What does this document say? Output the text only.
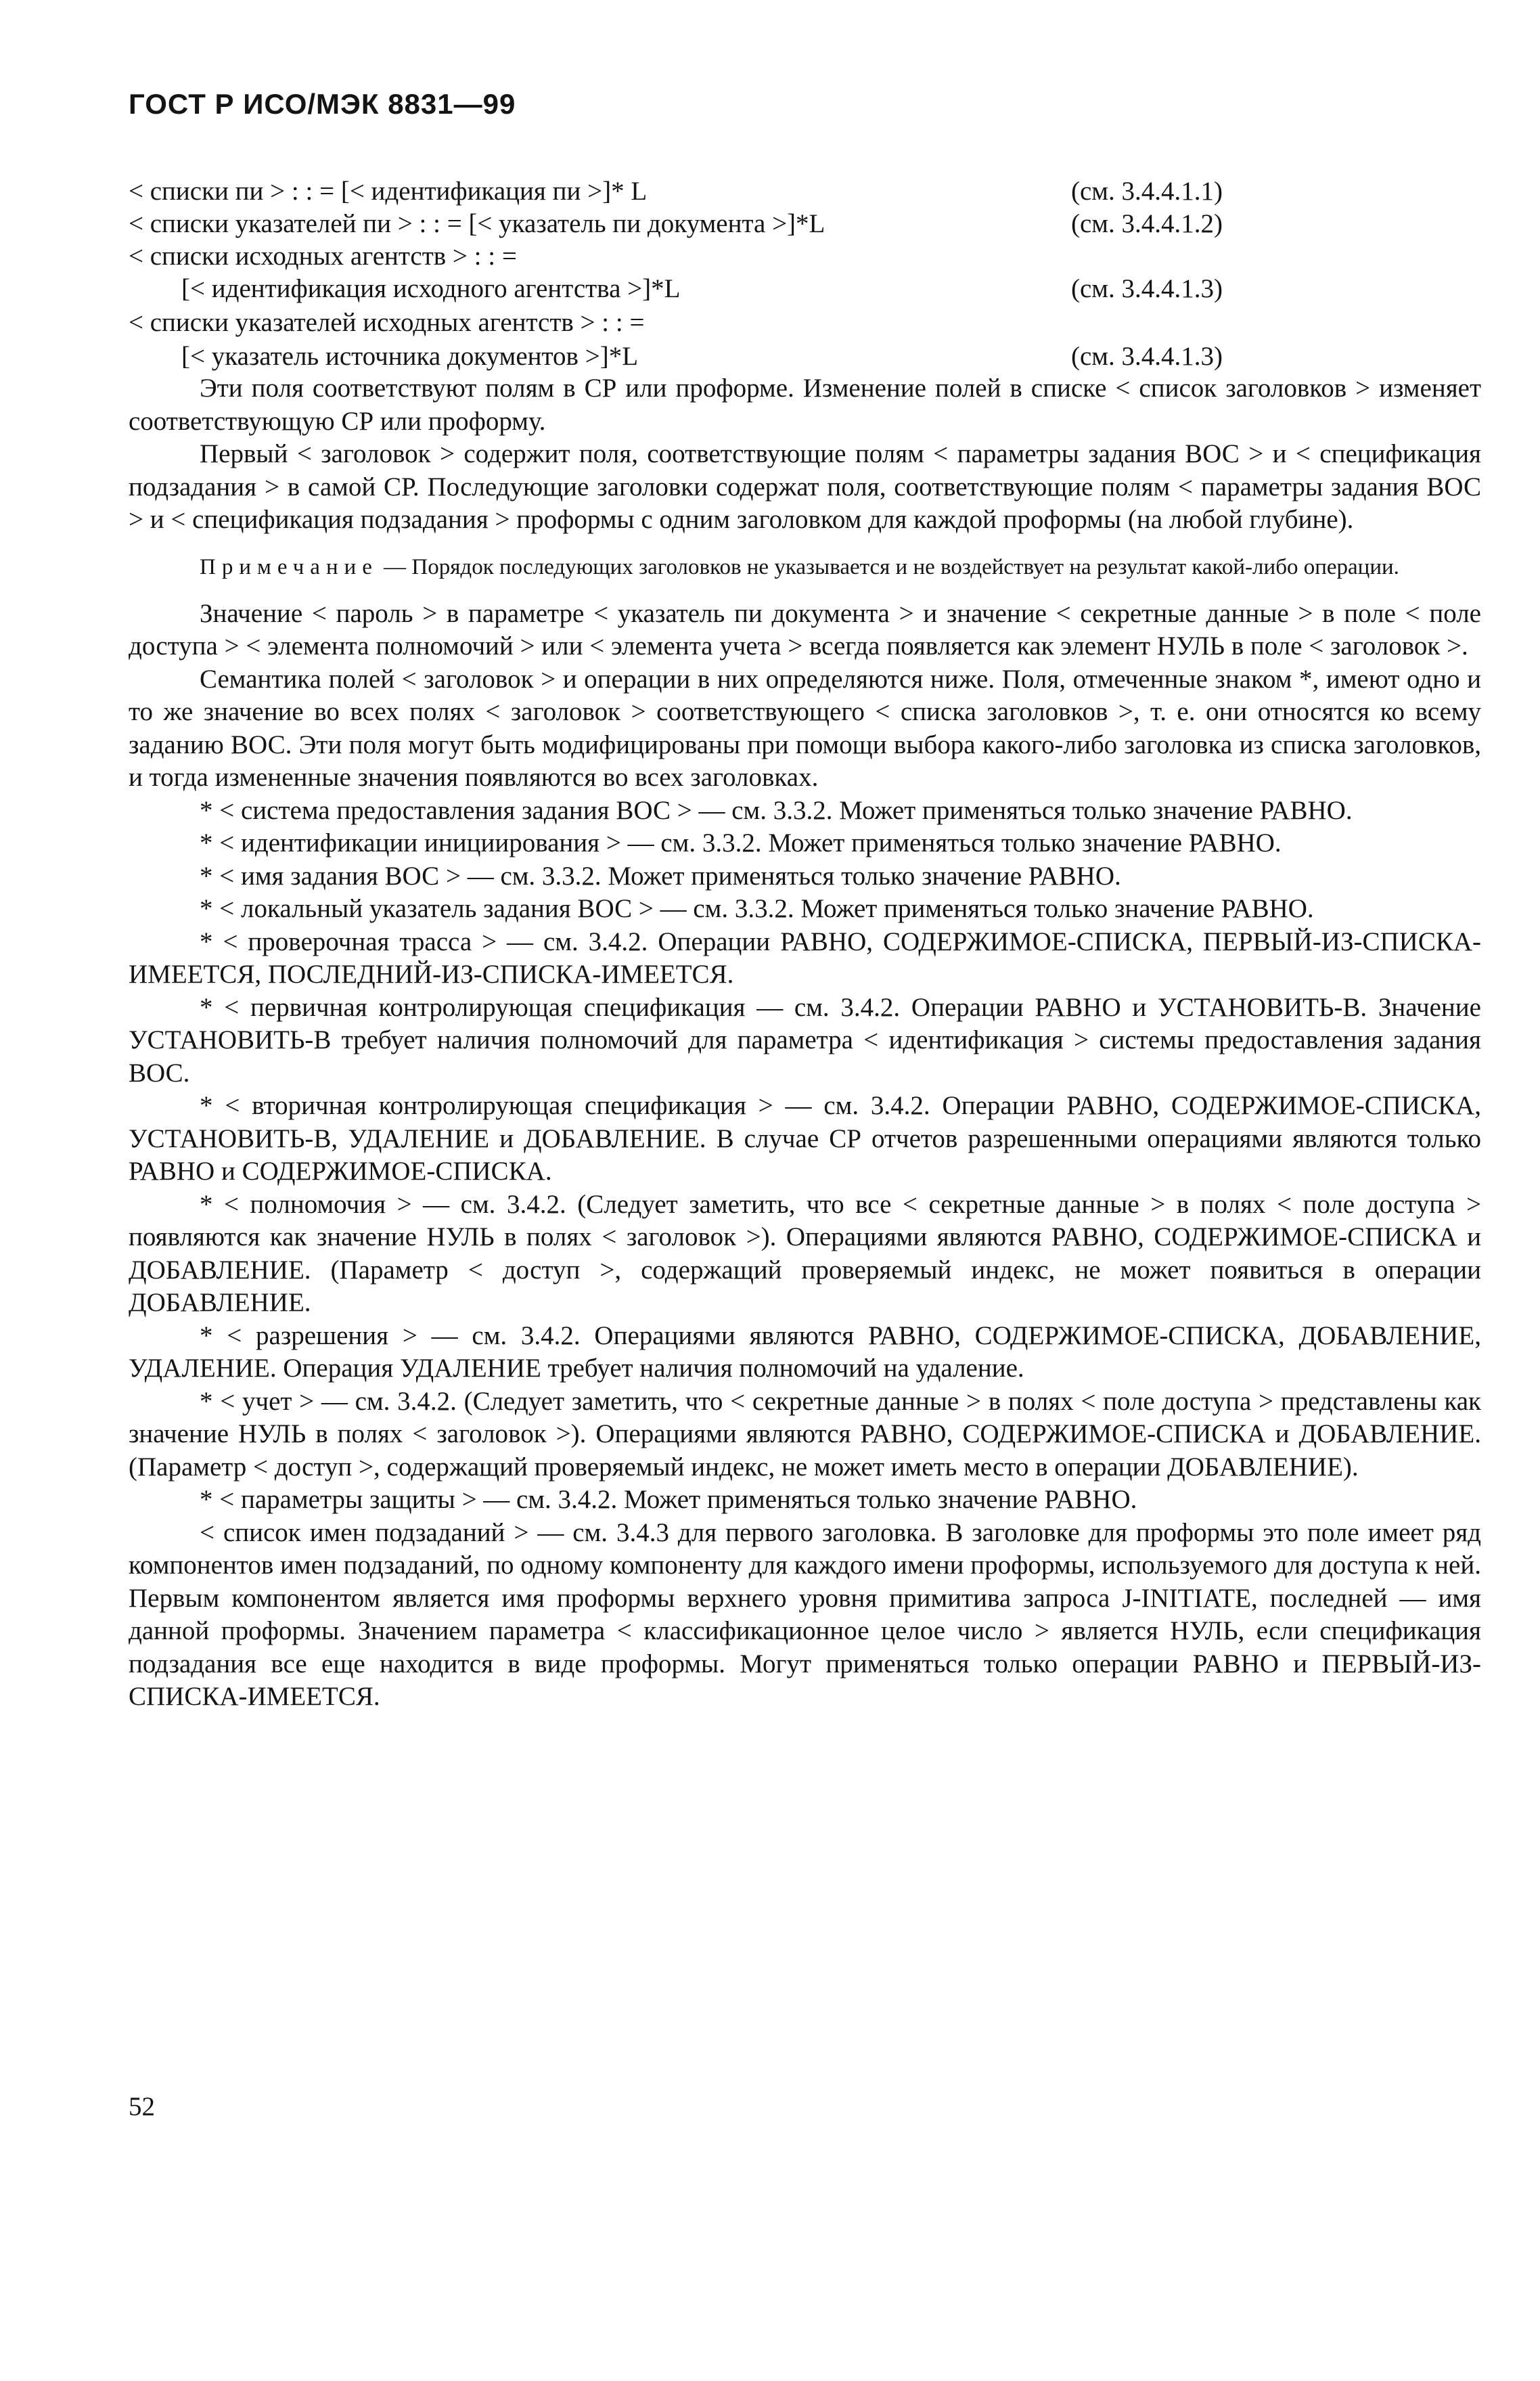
ГОСТ Р ИСО/МЭК 8831—99
< списки пи > : : = [< идентификация пи >]* L	(см. 3.4.4.1.1)
< списки указателей пи > : : = [< указатель пи документа >]*L	(см. 3.4.4.1.2)
< списки исходных агентств > : : =
[< идентификация исходного агентства >]*L	(см. 3.4.4.1.3)
< списки указателей исходных агентств > : : =
[< указатель источника документов >]*L	(см. 3.4.4.1.3)

Эти поля соответствуют полям в СР или проформе. Изменение полей в списке < список заголовков > изменяет соответствующую СР или проформу.

Первый < заголовок > содержит поля, соответствующие полям < параметры задания ВОС > и < спецификация подзадания > в самой СР. Последующие заголовки содержат поля, соответствующие полям < параметры задания ВОС > и < спецификация подзадания > проформы с одним заголовком для каждой проформы (на любой глубине).

Примечание — Порядок последующих заголовков не указывается и не воздействует на результат какой-либо операции.

Значение < пароль > в параметре < указатель пи документа > и значение < секретные данные > в поле < поле доступа > < элемента полномочий > или < элемента учета > всегда появляется как элемент НУЛЬ в поле < заголовок >.

Семантика полей < заголовок > и операции в них определяются ниже. Поля, отмеченные знаком *, имеют одно и то же значение во всех полях < заголовок > соответствующего < списка заголовков >, т. е. они относятся ко всему заданию ВОС. Эти поля могут быть модифицированы при помощи выбора какого-либо заголовка из списка заголовков, и тогда измененные значения появляются во всех заголовках.

* < система предоставления задания ВОС > — см. 3.3.2. Может применяться только значение РАВНО.

* < идентификации инициирования > — см. 3.3.2. Может применяться только значение РАВНО.

* < имя задания ВОС > — см. 3.3.2. Может применяться только значение РАВНО.

* < локальный указатель задания ВОС > — см. 3.3.2. Может применяться только значение РАВНО.

* < проверочная трасса > — см. 3.4.2. Операции РАВНО, СОДЕРЖИМОЕ-СПИСКА, ПЕРВЫЙ-ИЗ-СПИСКА-ИМЕЕТСЯ, ПОСЛЕДНИЙ-ИЗ-СПИСКА-ИМЕЕТСЯ.

* < первичная контролирующая спецификация — см. 3.4.2. Операции РАВНО и УСТАНОВИТЬ-В. Значение УСТАНОВИТЬ-В требует наличия полномочий для параметра < идентификация > системы предоставления задания ВОС.

* < вторичная контролирующая спецификация > — см. 3.4.2. Операции РАВНО, СОДЕРЖИМОЕ-СПИСКА, УСТАНОВИТЬ-В, УДАЛЕНИЕ и ДОБАВЛЕНИЕ. В случае СР отчетов разрешенными операциями являются только РАВНО и СОДЕРЖИМОЕ-СПИСКА.

* < полномочия > — см. 3.4.2. (Следует заметить, что все < секретные данные > в полях < поле доступа > появляются как значение НУЛЬ в полях < заголовок >). Операциями являются РАВНО, СОДЕРЖИМОЕ-СПИСКА и ДОБАВЛЕНИЕ. (Параметр < доступ >, содержащий проверяемый индекс, не может появиться в операции ДОБАВЛЕНИЕ.

* < разрешения > — см. 3.4.2. Операциями являются РАВНО, СОДЕРЖИМОЕ-СПИСКА, ДОБАВЛЕНИЕ, УДАЛЕНИЕ. Операция УДАЛЕНИЕ требует наличия полномочий на удаление.

* < учет > — см. 3.4.2. (Следует заметить, что < секретные данные > в полях < поле доступа > представлены как значение НУЛЬ в полях < заголовок >). Операциями являются РАВНО, СОДЕРЖИМОЕ-СПИСКА и ДОБАВЛЕНИЕ. (Параметр < доступ >, содержащий проверяемый индекс, не может иметь место в операции ДОБАВЛЕНИЕ).

* < параметры защиты > — см. 3.4.2. Может применяться только значение РАВНО.

< список имен подзаданий > — см. 3.4.3 для первого заголовка. В заголовке для проформы это поле имеет ряд компонентов имен подзаданий, по одному компоненту для каждого имени проформы, используемого для доступа к ней. Первым компонентом является имя проформы верхнего уровня примитива запроса J-INITIATE, последней — имя данной проформы. Значением параметра < классификационное целое число > является НУЛЬ, если спецификация подзадания все еще находится в виде проформы. Могут применяться только операции РАВНО и ПЕРВЫЙ-ИЗ-СПИСКА-ИМЕЕТСЯ.

52
